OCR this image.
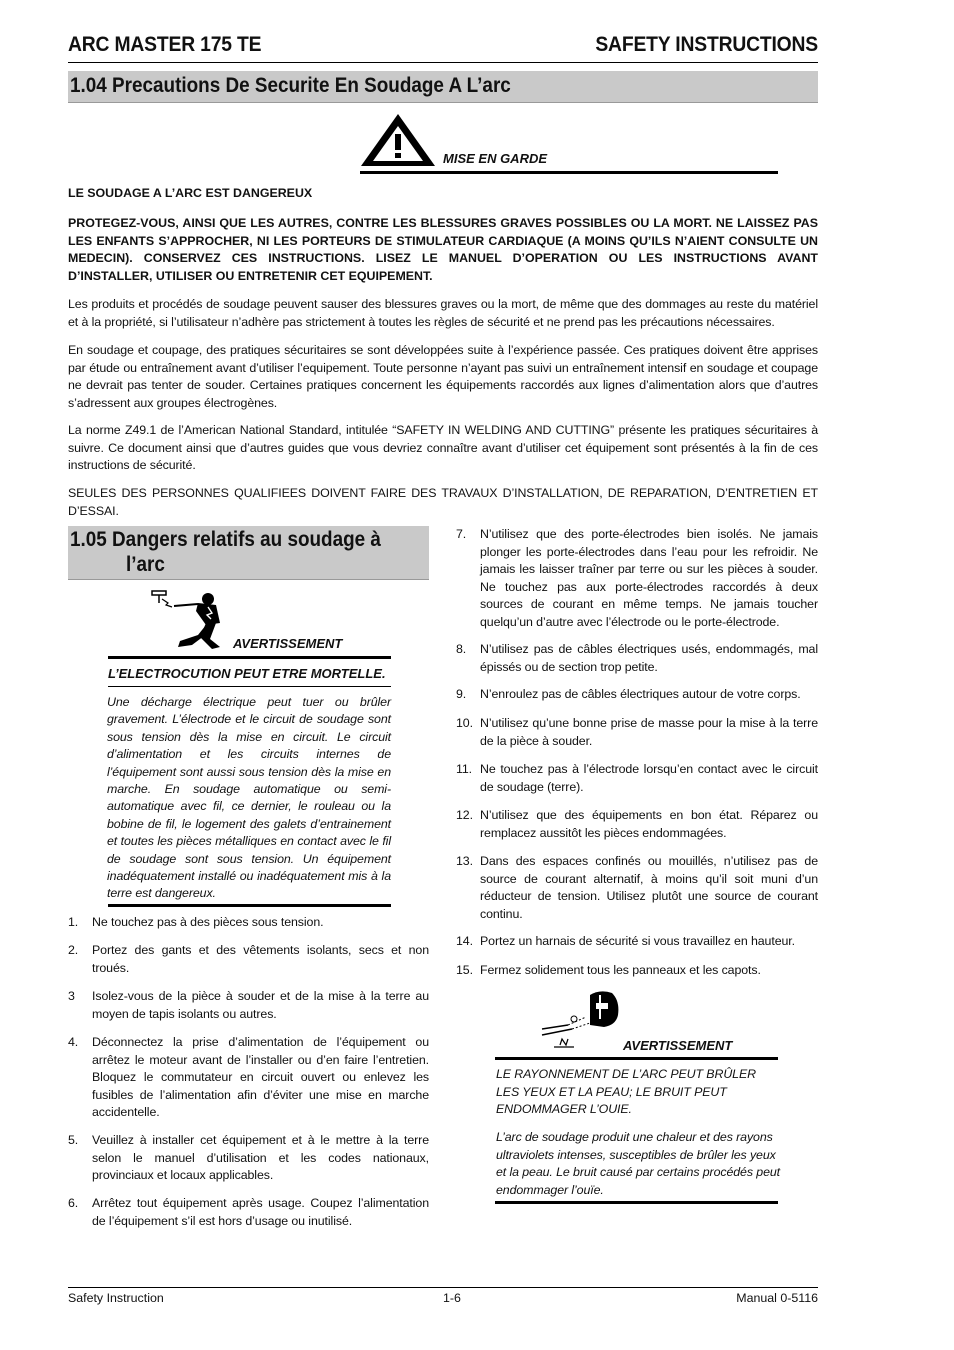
ARC MASTER 175 TE	SAFETY INSTRUCTIONS
1.04 Precautions De Securite En Soudage A L’arc
MISE EN GARDE
LE SOUDAGE A L’ARC EST DANGEREUX
PROTEGEZ-VOUS, AINSI QUE LES AUTRES, CONTRE LES BLESSURES GRAVES POSSIBLES OU LA MORT. NE LAISSEZ PAS LES ENFANTS S’APPROCHER, NI LES PORTEURS DE STIMULATEUR CARDIAQUE (A MOINS QU’ILS N’AIENT CONSULTE UN MEDECIN). CONSERVEZ CES INSTRUCTIONS. LISEZ LE MANUEL D’OPERATION OU LES INSTRUCTIONS AVANT D’INSTALLER, UTILISER OU ENTRETENIR CET EQUIPEMENT.
Les produits et procédés de soudage peuvent sauser des blessures graves ou la mort, de même que des dommages au reste du matériel et à la propriété, si l’utilisateur n’adhère pas strictement à toutes les règles de sécurité et ne prend pas les précautions nécessaires.
En soudage et coupage, des pratiques sécuritaires se sont développées suite à l’expérience passée. Ces pratiques doivent être apprises par étude ou entraînement avant d’utiliser l’equipement. Toute personne n’ayant pas suivi un entraînement intensif en soudage et coupage ne devrait pas tenter de souder. Certaines pratiques concernent les équipements raccordés aux lignes d’alimentation alors que d’autres s’adressent aux groupes électrogènes.
La norme Z49.1 de l’American National Standard, intitulée “SAFETY IN WELDING AND CUTTING” présente les pratiques sécuritaires à suivre. Ce document ainsi que d’autres guides que vous devriez connaître avant d’utiliser cet équipement sont présentés à la fin de ces instructions de sécurité.
SEULES DES PERSONNES QUALIFIEES DOIVENT FAIRE DES TRAVAUX D’INSTALLATION, DE REPARATION, D’ENTRETIEN ET D’ESSAI.
1.05 Dangers relatifs au soudage à
l’arc
AVERTISSEMENT
L’ELECTROCUTION PEUT ETRE MORTELLE.
Une décharge électrique peut tuer ou brûler gravement. L’électrode et le circuit de soudage sont sous tension dès la mise en circuit. Le circuit d’alimentation et les circuits internes de l’équipement sont aussi sous tension dès la mise en marche. En soudage automatique ou semi-automatique avec fil, ce dernier, le rouleau ou la bobine de fil, le logement des galets d’entrainement et toutes les pièces métalliques en contact avec le fil de soudage sont sous tension. Un équipement inadéquatement installé ou inadéquatement mis à la terre est dangereux.
1. Ne touchez pas à des pièces sous tension.
2. Portez des gants et des vêtements isolants, secs et non troués.
3 Isolez-vous de la pièce à souder et de la mise à la terre au moyen de tapis isolants ou autres.
4. Déconnectez la prise d’alimentation de l’équipement ou arrêtez le moteur avant de l’installer ou d’en faire l’entretien. Bloquez le commutateur en circuit ouvert ou enlevez les fusibles de l’alimentation afin d’éviter une mise en marche accidentelle.
5. Veuillez à installer cet équipement et à le mettre à la terre selon le manuel d’utilisation et les codes nationaux, provinciaux et locaux applicables.
6. Arrêtez tout équipement après usage. Coupez l’alimentation de l’équipement s’il est hors d’usage ou inutilisé.
7. N’utilisez que des porte-électrodes bien isolés. Ne jamais plonger les porte-électrodes dans l’eau pour les refroidir. Ne jamais les laisser traîner par terre ou sur les pièces à souder. Ne touchez pas aux porte-électrodes raccordés à deux sources de courant en même temps. Ne jamais toucher quelqu’un d’autre avec l’électrode ou le porte-électrode.
8. N’utilisez pas de câbles électriques usés, endommagés, mal épissés ou de section trop petite.
9. N’enroulez pas de câbles électriques autour de votre corps.
10. N’utilisez qu’une bonne prise de masse pour la mise à la terre de la pièce à souder.
11. Ne touchez pas à l’électrode lorsqu’en contact avec le circuit de soudage (terre).
12. N’utilisez que des équipements en bon état. Réparez ou remplacez aussitôt les pièces endommagées.
13. Dans des espaces confinés ou mouillés, n’utilisez pas de source de courant alternatif, à moins qu’il soit muni d’un réducteur de tension. Utilisez plutôt une source de courant continu.
14. Portez un harnais de sécurité si vous travaillez en hauteur.
15. Fermez solidement tous les panneaux et les capots.
AVERTISSEMENT
LE RAYONNEMENT DE L’ARC PEUT BRÛLER LES YEUX ET LA PEAU; LE BRUIT PEUT ENDOMMAGER L’OUIE.
L’arc de soudage produit une chaleur et des rayons ultraviolets intenses, susceptibles de brûler les yeux et la peau. Le bruit causé par certains procédés peut endommager l’ouïe.
Safety Instruction	1-6	Manual 0-5116
